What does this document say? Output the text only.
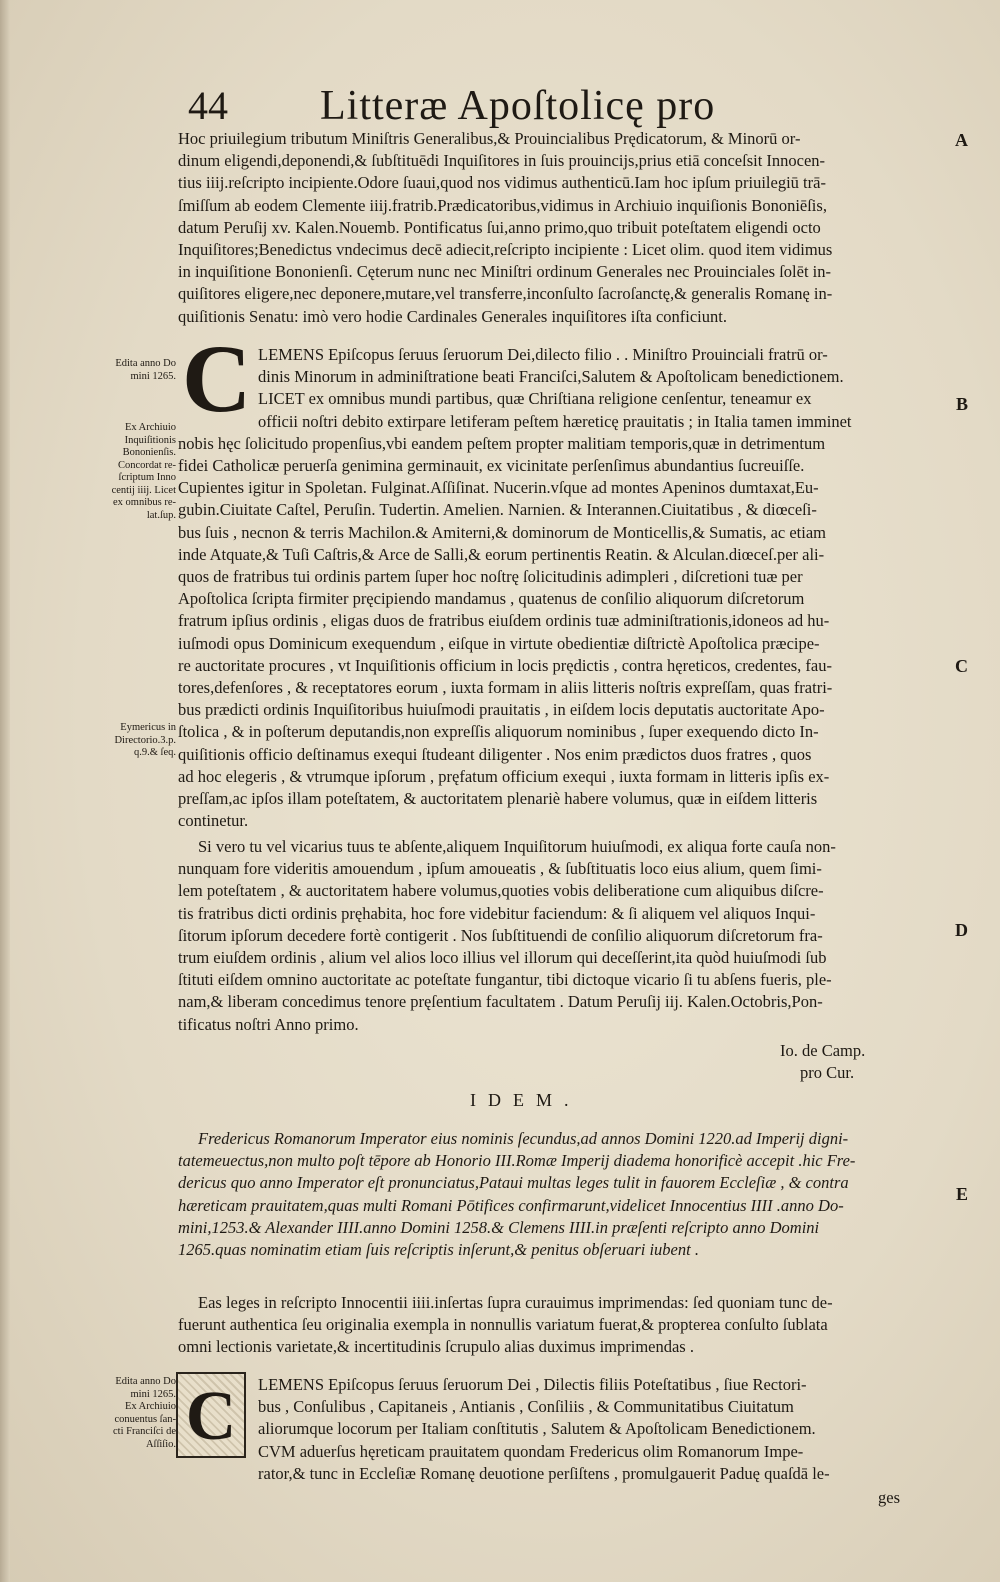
44 Litteræ Apoſtolicę pro
Hoc priuilegium tributum Miniſtris Generalibus,& Prouincialibus Prędicatorum, & Minorū or-
dinum eligendi,deponendi,& ſubſtituēdi Inquiſitores in ſuis prouincijs,prius etiā conceſsit Innocen-
tius iiij.reſcripto incipiente.Odore ſuaui,quod nos vidimus authenticū.Iam hoc ipſum priuilegiū trā-
ſmiſſum ab eodem Clemente iiij.fratrib.Prædicatoribus,vidimus in Archiuio inquiſionis Bononiēſis,
datum Peruſij xv. Kalen.Nouemb. Pontificatus ſui,anno primo,quo tribuit poteſtatem eligendi octo
Inquiſitores;Benedictus vndecimus decē adiecit,reſcripto incipiente : Licet olim. quod item vidimus
in inquiſitione Bononienſi. Cęterum nunc nec Miniſtri ordinum Generales nec Prouinciales ſolēt in-
quiſitores eligere,nec deponere,mutare,vel transferre,inconſulto ſacroſanctę,& generalis Romanę in-
quiſitionis Senatu: imò vero hodie Cardinales Generales inquiſitores iſta conficiunt.
C LEMENS Epiſcopus ſeruus ſeruorum Dei,dilecto filio . . Miniſtro Prouinciali fratrū or-
dinis Minorum in adminiſtratione beati Franciſci,Salutem & Apoſtolicam benedictionem.
LICET ex omnibus mundi partibus, quæ Chriſtiana religione cenſentur, teneamur ex
officii noſtri debito extirpare letiferam peſtem hæreticę prauitatis ; in Italia tamen imminet
nobis hęc ſolicitudo propenſius,vbi eandem peſtem propter malitiam temporis,quæ in detrimentum
fidei Catholicæ peruerſa genimina germinauit, ex vicinitate perſenſimus abundantius ſucreuiſſe.
Cupientes igitur in Spoletan. Fulginat.Aſſiſinat. Nucerin.vſque ad montes Apeninos dumtaxat,Eu-
gubin.Ciuitate Caſtel, Peruſin. Tudertin. Amelien. Narnien. & Interannen.Ciuitatibus , & diœceſi-
bus ſuis , necnon & terris Machilon.& Amiterni,& dominorum de Monticellis,& Sumatis, ac etiam
inde Atquate,& Tuſi Caſtris,& Arce de Salli,& eorum pertinentis Reatin. & Alculan.diœceſ.per ali-
quos de fratribus tui ordinis partem ſuper hoc noſtrę ſolicitudinis adimpleri , diſcretioni tuæ per
Apoſtolica ſcripta firmiter pręcipiendo mandamus , quatenus de conſilio aliquorum diſcretorum
fratrum ipſius ordinis , eligas duos de fratribus eiuſdem ordinis tuæ adminiſtrationis,idoneos ad hu-
iuſmodi opus Dominicum exequendum , eiſque in virtute obedientiæ diſtrictè Apoſtolica præcipe-
re auctoritate procures , vt Inquiſitionis officium in locis prędictis , contra hęreticos, credentes, fau-
tores,defenſores , & receptatores eorum , iuxta formam in aliis litteris noſtris expreſſam, quas fratri-
bus prædicti ordinis Inquiſitoribus huiuſmodi prauitatis , in eiſdem locis deputatis auctoritate Apo-
ſtolica , & in poſterum deputandis,non expreſſis aliquorum nominibus , ſuper exequendo dicto In-
quiſitionis officio deſtinamus exequi ſtudeant diligenter . Nos enim prædictos duos fratres , quos
ad hoc elegeris , & vtrumque ipſorum , pręfatum officium exequi , iuxta formam in litteris ipſis ex-
preſſam,ac ipſos illam poteſtatem, & auctoritatem plenariè habere volumus, quæ in eiſdem litteris
continetur.
Si vero tu vel vicarius tuus te abſente,aliquem Inquiſitorum huiuſmodi, ex aliqua forte cauſa non-
nunquam fore videritis amouendum , ipſum amoueatis , & ſubſtituatis loco eius alium, quem ſimi-
lem poteſtatem , & auctoritatem habere volumus,quoties vobis deliberatione cum aliquibus diſcre-
tis fratribus dicti ordinis pręhabita, hoc fore videbitur faciendum: & ſi aliquem vel aliquos Inqui-
ſitorum ipſorum decedere fortè contigerit . Nos ſubſtituendi de conſilio aliquorum diſcretorum fra-
trum eiuſdem ordinis , alium vel alios loco illius vel illorum qui deceſſerint,ita quòd huiuſmodi ſub
ſtituti eiſdem omnino auctoritate ac poteſtate fungantur, tibi dictoque vicario ſi tu abſens fueris, ple-
nam,& liberam concedimus tenore pręſentium facultatem . Datum Peruſij iij. Kalen.Octobris,Pon-
tificatus noſtri Anno primo.
Io. de Camp.
pro Cur.
IDEM.
Fredericus Romanorum Imperator eius nominis ſecundus,ad annos Domini 1220.ad Imperij digni-
tatemeuectus,non multo poſt tēpore ab Honorio III.Romæ Imperij diadema honorificè accepit .hic Fre-
dericus quo anno Imperator eſt pronunciatus,Pataui multas leges tulit in fauorem Eccleſiæ , & contra
hæreticam prauitatem,quas multi Romani Pōtifices confirmarunt,videlicet Innocentius IIII .anno Do-
mini,1253.& Alexander IIII.anno Domini 1258.& Clemens IIII.in præſenti reſcripto anno Domini
1265.quas nominatim etiam ſuis reſcriptis inſerunt,& penitus obſeruari iubent .
Eas leges in reſcripto Innocentii iiii.inſertas ſupra curauimus imprimendas: ſed quoniam tunc de-
fuerunt authentica ſeu originalia exempla in nonnullis variatum fuerat,& propterea conſulto ſublata
omni lectionis varietate,& incertitudinis ſcrupulo alias duximus imprimendas .
C	LEMENS Epiſcopus ſeruus ſeruorum Dei , Dilectis filiis Poteſtatibus , ſiue Rectori-
bus , Conſulibus , Capitaneis , Antianis , Conſiliis , & Communitatibus Ciuitatum
aliorumque locorum per Italiam conſtitutis , Salutem & Apoſtolicam Benedictionem.
CVM aduerſus hęreticam prauitatem quondam Fredericus olim Romanorum Impe-
rator,& tunc in Eccleſiæ Romanę deuotione perſiſtens , promulgauerit Paduę quaſdā le-
ges
Edita anno Do
mini 1265.
Ex Archiuio
Inquiſitionis
Bononienſis.
Concordat re-
ſcriptum Inno
centij iiij. Licet
ex omnibus re-
lat.ſup.
Eymericus in
Directorio.3.p.
q.9.& ſeq.
Edita anno Do
mini 1265.
Ex Archiuio
conuentus ſan-
cti Franciſci de
Aſſiſio.
A
B
C
D
E
